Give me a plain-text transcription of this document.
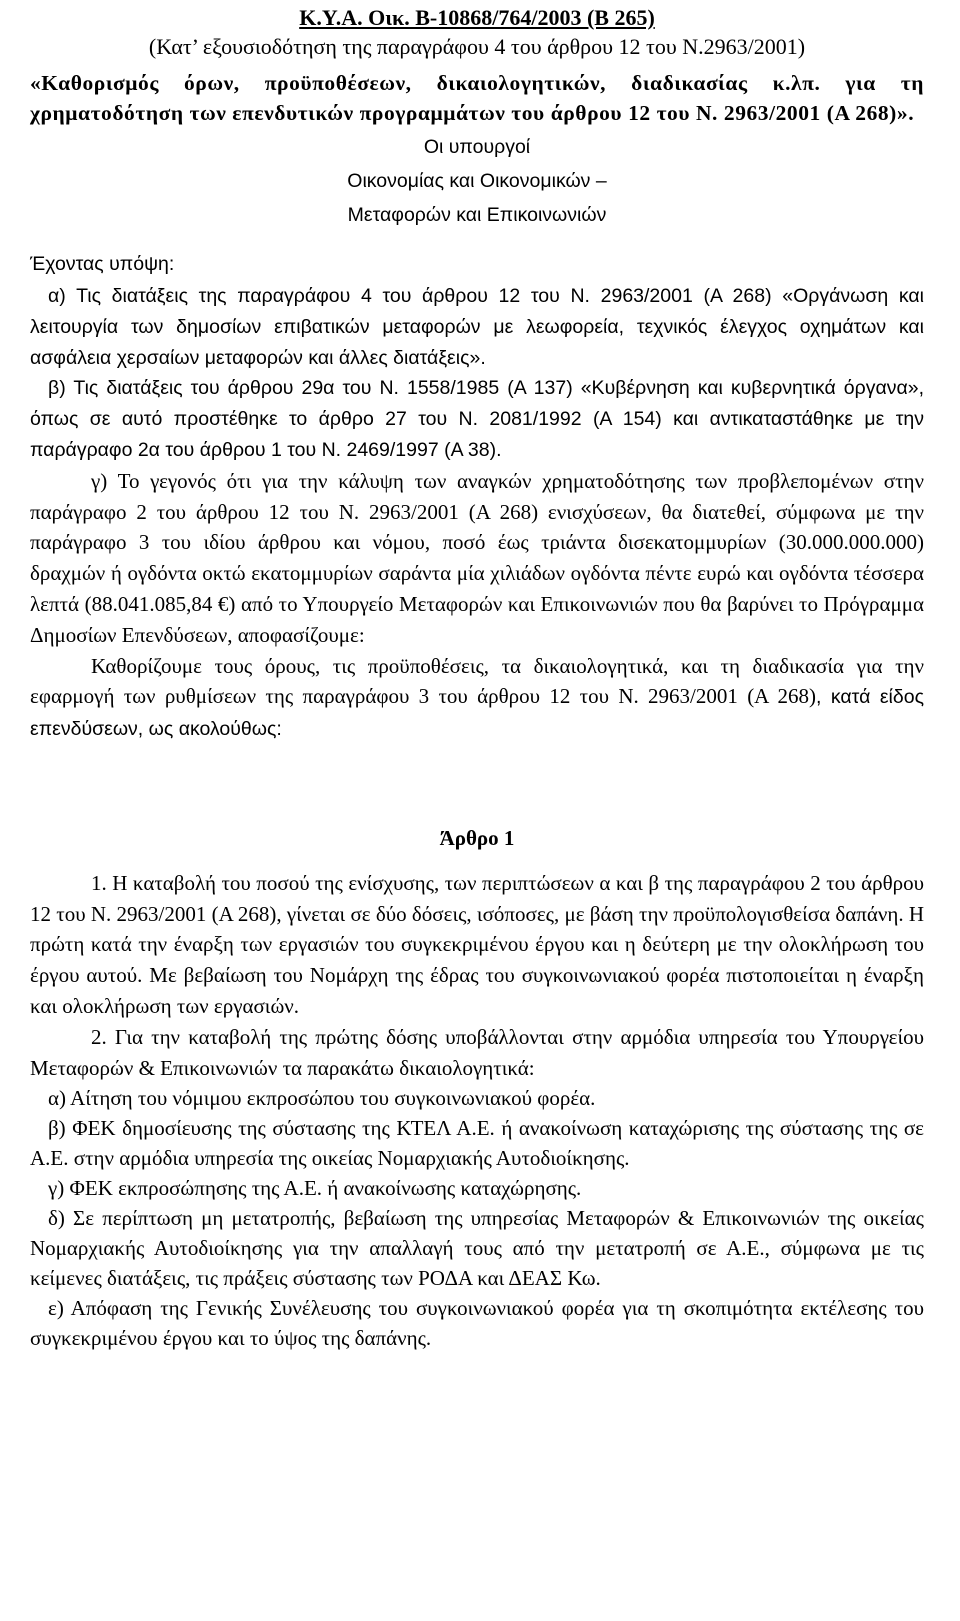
Κ.Υ.Α. Οικ. Β-10868/764/2003 (Β 265)

(Κατ’ εξουσιοδότηση της παραγράφου 4 του άρθρου 12 του Ν.2963/2001)

«Καθορισμός όρων, προϋποθέσεων, δικαιολογητικών, διαδικασίας κ.λπ. για τη χρηματοδότηση των επενδυτικών προγραμμάτων του άρθρου 12 του Ν. 2963/2001 (Α 268)».

Οι υπουργοί

Οικονομίας και Οικονομικών –

Μεταφορών και Επικοινωνιών

Έχοντας υπόψη:

α) Τις διατάξεις της παραγράφου 4 του άρθρου 12 του Ν. 2963/2001 (Α 268) «Οργάνωση και λειτουργία των δημοσίων επιβατικών μεταφορών με λεωφορεία, τεχνικός έλεγχος οχημάτων και ασφάλεια χερσαίων μεταφορών και άλλες διατάξεις».

β) Τις διατάξεις του άρθρου 29α του Ν. 1558/1985 (Α 137) «Κυβέρνηση και κυβερνητικά όργανα», όπως σε αυτό προστέθηκε το άρθρο 27 του Ν. 2081/1992 (Α 154) και αντικαταστάθηκε με την παράγραφο 2α του άρθρου 1 του Ν. 2469/1997 (Α 38).

γ) Το γεγονός ότι για την κάλυψη των αναγκών χρηματοδότησης των προβλεπομένων στην παράγραφο 2 του άρθρου 12 του Ν. 2963/2001 (Α 268) ενισχύσεων, θα διατεθεί, σύμφωνα με την παράγραφο 3 του ιδίου άρθρου και νόμου, ποσό έως τριάντα δισεκατομμυρίων (30.000.000.000) δραχμών ή ογδόντα οκτώ εκατομμυρίων σαράντα μία χιλιάδων ογδόντα πέντε ευρώ και ογδόντα τέσσερα λεπτά (88.041.085,84 €) από το Υπουργείο Μεταφορών και Επικοινωνιών που θα βαρύνει το Πρόγραμμα Δημοσίων Επενδύσεων, αποφασίζουμε:

Καθορίζουμε τους όρους, τις προϋποθέσεις, τα δικαιολογητικά, και τη διαδικασία για την εφαρμογή των ρυθμίσεων της παραγράφου 3 του άρθρου 12 του Ν. 2963/2001 (Α 268), κατά είδος επενδύσεων, ως ακολούθως:

Άρθρο 1

1. Η καταβολή του ποσού της ενίσχυσης, των περιπτώσεων α και β της παραγράφου 2 του άρθρου 12 του Ν. 2963/2001 (Α 268), γίνεται σε δύο δόσεις, ισόποσες, με βάση την προϋπολογισθείσα δαπάνη. Η πρώτη κατά την έναρξη των εργασιών του συγκεκριμένου έργου και η δεύτερη με την ολοκλήρωση του έργου αυτού. Με βεβαίωση του Νομάρχη της έδρας του συγκοινωνιακού φορέα πιστοποιείται η έναρξη και ολοκλήρωση των εργασιών.

2. Για την καταβολή της πρώτης δόσης υποβάλλονται στην αρμόδια υπηρεσία του Υπουργείου Μεταφορών & Επικοινωνιών τα παρακάτω δικαιολογητικά:

α) Αίτηση του νόμιμου εκπροσώπου του συγκοινωνιακού φορέα.

β) ΦΕΚ δημοσίευσης της σύστασης της ΚΤΕΛ Α.Ε. ή ανακοίνωση καταχώρισης της σύστασης της σε Α.Ε. στην αρμόδια υπηρεσία της οικείας Νομαρχιακής Αυτοδιοίκησης.

γ) ΦΕΚ εκπροσώπησης της Α.Ε. ή ανακοίνωσης καταχώρησης.

δ) Σε περίπτωση μη μετατροπής, βεβαίωση της υπηρεσίας Μεταφορών & Επικοινωνιών της οικείας Νομαρχιακής Αυτοδιοίκησης για την απαλλαγή τους από την μετατροπή σε Α.Ε., σύμφωνα με τις κείμενες διατάξεις, τις πράξεις σύστασης των ΡΟΔΑ και ΔΕΑΣ Κω.

ε) Απόφαση της Γενικής Συνέλευσης του συγκοινωνιακού φορέα για τη σκοπιμότητα εκτέλεσης του συγκεκριμένου έργου και το ύψος της δαπάνης.
